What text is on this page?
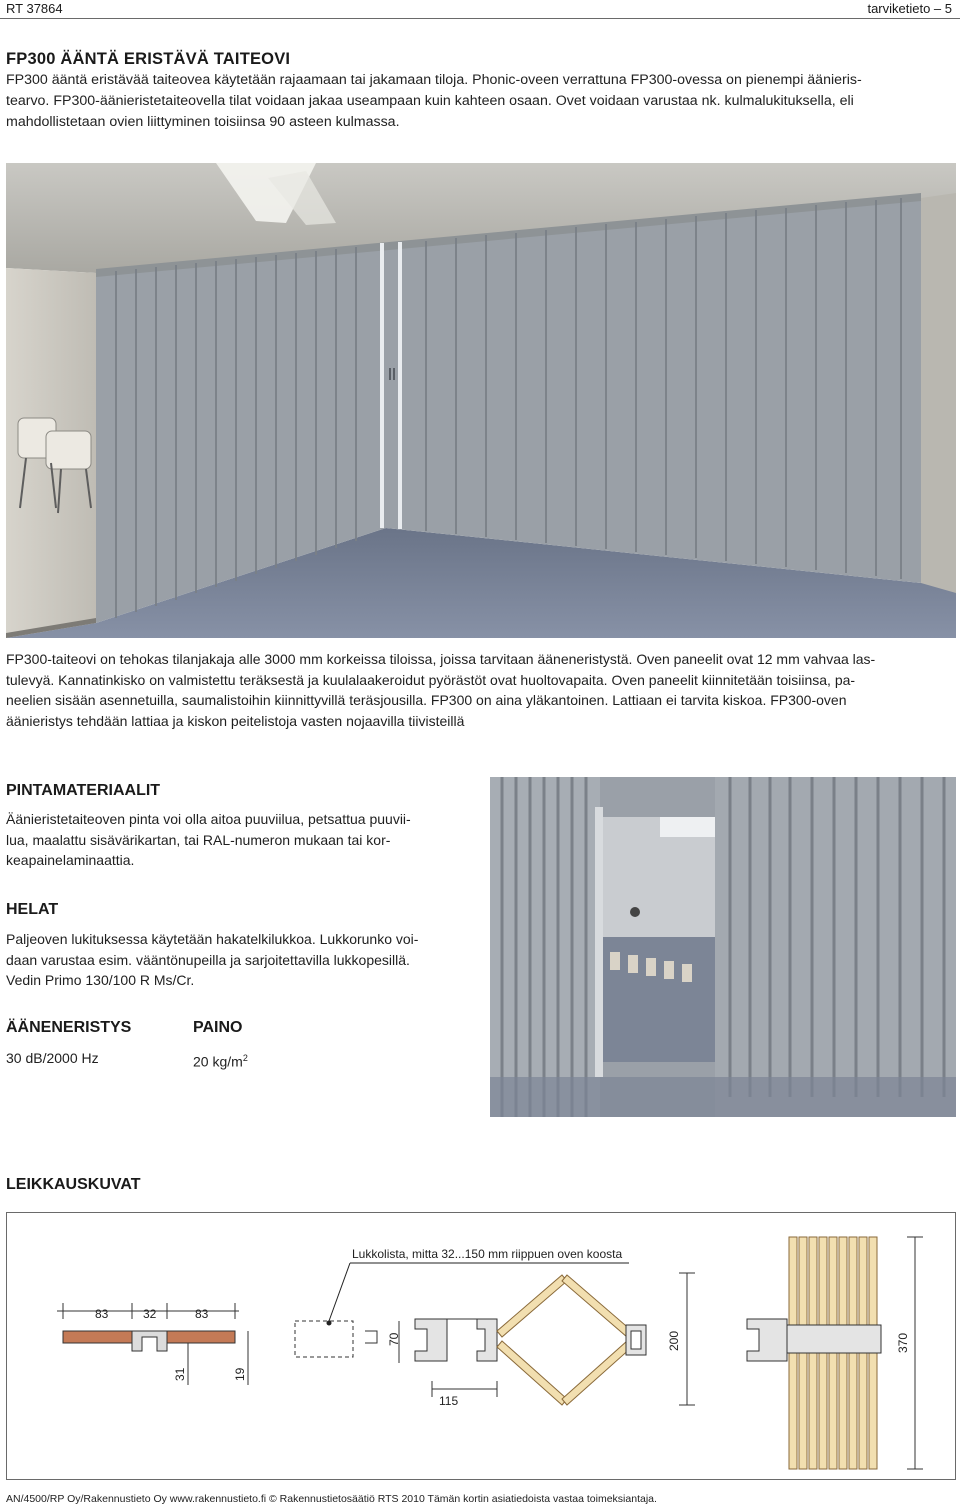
RT 37864	tarviketieto – 5
FP300 ÄÄNTÄ ERISTÄVÄ TAITEOVI
FP300 ääntä eristävää taiteovea käytetään rajaamaan tai jakamaan tiloja. Phonic-oveen verrattuna FP300-ovessa on pienempi äänieris-
tearvo. FP300-äänieristetaiteovella tilat voidaan jakaa useampaan kuin kahteen osaan. Ovet voidaan varustaa nk. kulmalukituksella, eli
mahdollistetaan ovien liittyminen toisiinsa 90 asteen kulmassa.
FP300-taiteovi on tehokas tilanjakaja alle 3000 mm korkeissa tiloissa, joissa tarvitaan ääneneristystä. Oven paneelit ovat 12 mm vahvaa las-
tulevyä. Kannatinkisko on valmistettu teräksestä ja kuulalaakeroidut pyörästöt ovat huoltovapaita. Oven paneelit kiinnitetään toisiinsa, pa-
neelien sisään asennetuilla, saumalistoihin kiinnittyvillä teräsjousilla. FP300 on aina yläkantoinen. Lattiaan ei tarvita kiskoa. FP300-oven
äänieristys tehdään lattiaa ja kiskon peitelistoja vasten nojaavilla tiivisteillä
PINTAMATERIAALIT
Äänieristetaiteoven pinta voi olla aitoa puuviilua, petsattua puuvii-
lua, maalattu sisävärikartan, tai RAL-numeron mukaan tai kor-
keapainelaminaattia.
HELAT
Paljeoven lukituksessa käytetään hakatelkilukkoa. Lukkorunko voi-
daan varustaa esim. vääntönupeilla ja sarjoitettavilla lukkopesillä.
Vedin Primo 130/100 R Ms/Cr.
ÄÄNENERISTYS	PAINO
30 dB/2000 Hz	20 $kg/m^2$
LEIKKAUSKUVAT
Lukkolista, mitta 32...150 mm riippuen oven koosta
83	32	83
31	19
70
115
200	370
AN/4500/RP Oy/Rakennustieto Oy www.rakennustieto.fi © Rakennustietosäätiö RTS 2010 Tämän kortin asiatiedoista vastaa toimeksiantaja.
